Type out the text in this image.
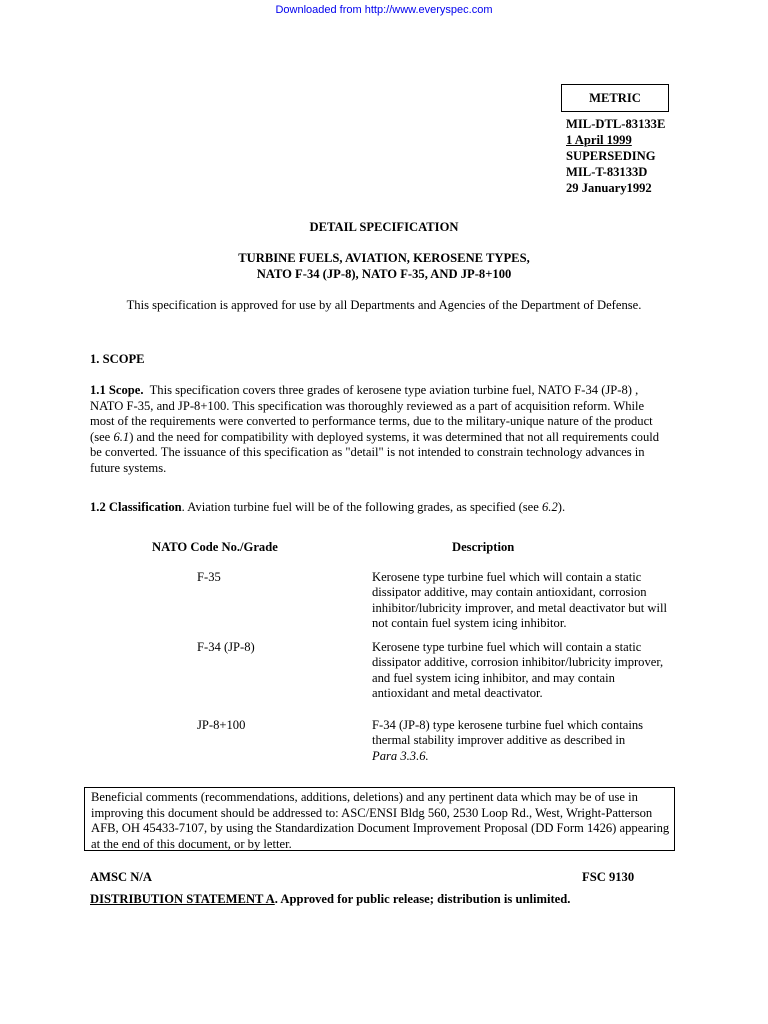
Downloaded from http://www.everyspec.com
METRIC
MIL-DTL-83133E
1 April 1999
SUPERSEDING
MIL-T-83133D
29 January1992
DETAIL SPECIFICATION
TURBINE FUELS, AVIATION, KEROSENE TYPES,
NATO F-34 (JP-8), NATO F-35, AND JP-8+100
This specification is approved for use by all Departments and Agencies of the Department of Defense.
1. SCOPE

1.1 Scope. This specification covers three grades of kerosene type aviation turbine fuel, NATO F-34 (JP-8) ,

NATO F-35, and JP-8+100. This specification was thoroughly reviewed as a part of acquisition reform. While

most of the requirements were converted to performance terms, due to the military-unique nature of the product

(see 6.1) and the need for compatibility with deployed systems, it was determined that not all requirements could

be converted. The issuance of this specification as "detail" is not intended to constrain technology advances in

future systems.

1.2 Classification. Aviation turbine fuel will be of the following grades, as specified (see 6.2).

NATO Code No./Grade	Description
F-35	Kerosene type turbine fuel which will contain a static
dissipator additive, may contain antioxidant, corrosion
inhibitor/lubricity improver, and metal deactivator but will
not contain fuel system icing inhibitor.
F-34 (JP-8)	Kerosene type turbine fuel which will contain a static
dissipator additive, corrosion inhibitor/lubricity improver,
and fuel system icing inhibitor, and may contain
antioxidant and metal deactivator.
JP-8+100	F-34 (JP-8) type kerosene turbine fuel which contains
thermal stability improver additive as described in
Para 3.3.6.
Beneficial comments (recommendations, additions, deletions) and any pertinent data which may be of use in
improving this document should be addressed to: ASC/ENSI Bldg 560, 2530 Loop Rd., West, Wright-Patterson
AFB, OH 45433-7107, by using the Standardization Document Improvement Proposal (DD Form 1426) appearing
at the end of this document, or by letter.
AMSC N/A	FSC 9130
DISTRIBUTION STATEMENT A. Approved for public release; distribution is unlimited.
